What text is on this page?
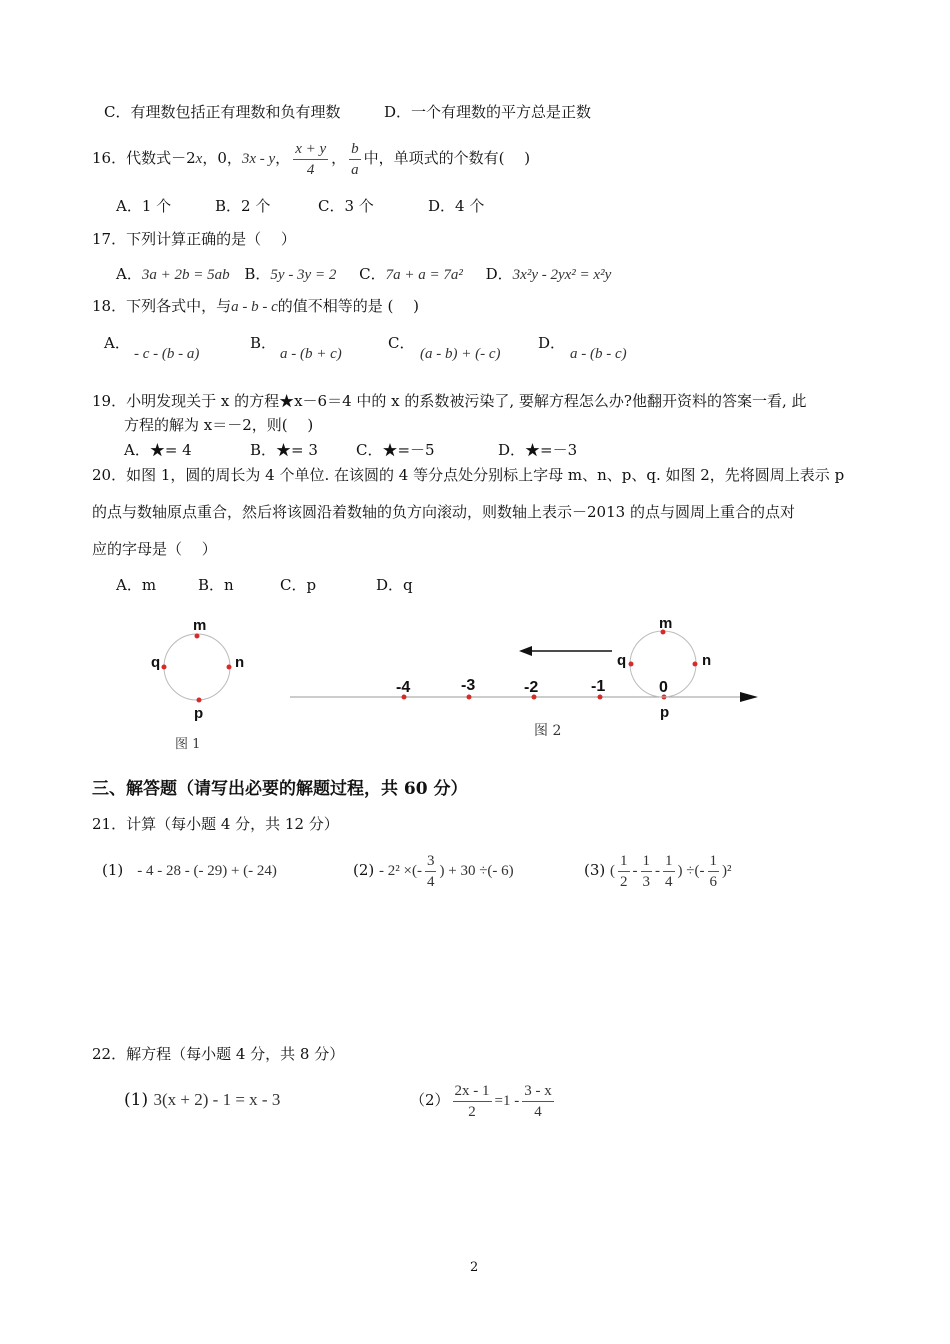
C．有理数包括正有理数和负有理数	D．一个有理数的平方总是正数
16．代数式－2x，0，3x - y， $\frac{x + y}{4}$ ， $\frac{b}{a}$ 中，单项式的个数有(　 )
A．1 个	B．2 个	C．3 个	D．4 个
17．下列计算正确的是（　 ）
A．3a + 2b = 5ab B．5y - 3y = 2 C．7a + a = 7a² D．3x²y - 2yx² = x²y
18．下列各式中，与a - b - c的值不相等的是 (　 )
A．
- c - (b - a)
B．
a - (b + c)
C．
(a - b) + (- c)
D．
a - (b - c)
19．小明发现关于 x 的方程★x－6＝4 中的 x 的系数被污染了, 要解方程怎么办?他翻开资料的答案一看, 此
方程的解为 x＝－2，则(　 )
A．★= 4	B．★= 3	C．★=－5	D．★=－3
20．如图 1，圆的周长为 4 个单位. 在该圆的 4 等分点处分别标上字母 m、n、p、q. 如图 2，先将圆周上表示 p
的点与数轴原点重合，然后将该圆沿着数轴的负方向滚动，则数轴上表示－2013 的点与圆周上重合的点对
应的字母是（　 ）
A．m	B．n	C．p	D．q
m
n
p
q
图 1
-4	-3	-2	-1	0
m
n
p
q
图 2
三、解答题（请写出必要的解题过程，共 60 分）
21．计算（每小题 4 分，共 12 分）
(1) - 4 - 28 - (- 29) + (- 24)	(2) - 2² ×(- $\frac{3}{4}$ ) + 30 ÷(- 6)	(3) ( $\frac{1}{2} - \frac{1}{3} - \frac{1}{4}$ ) ÷(- $\frac{1}{6} )^2$
22．解方程（每小题 4 分，共 8 分）
(1) 3(x + 2) - 1 = x - 3	$(2) \frac{2x - 1}{2} =1 - \frac{3 - x}{4}$
2
